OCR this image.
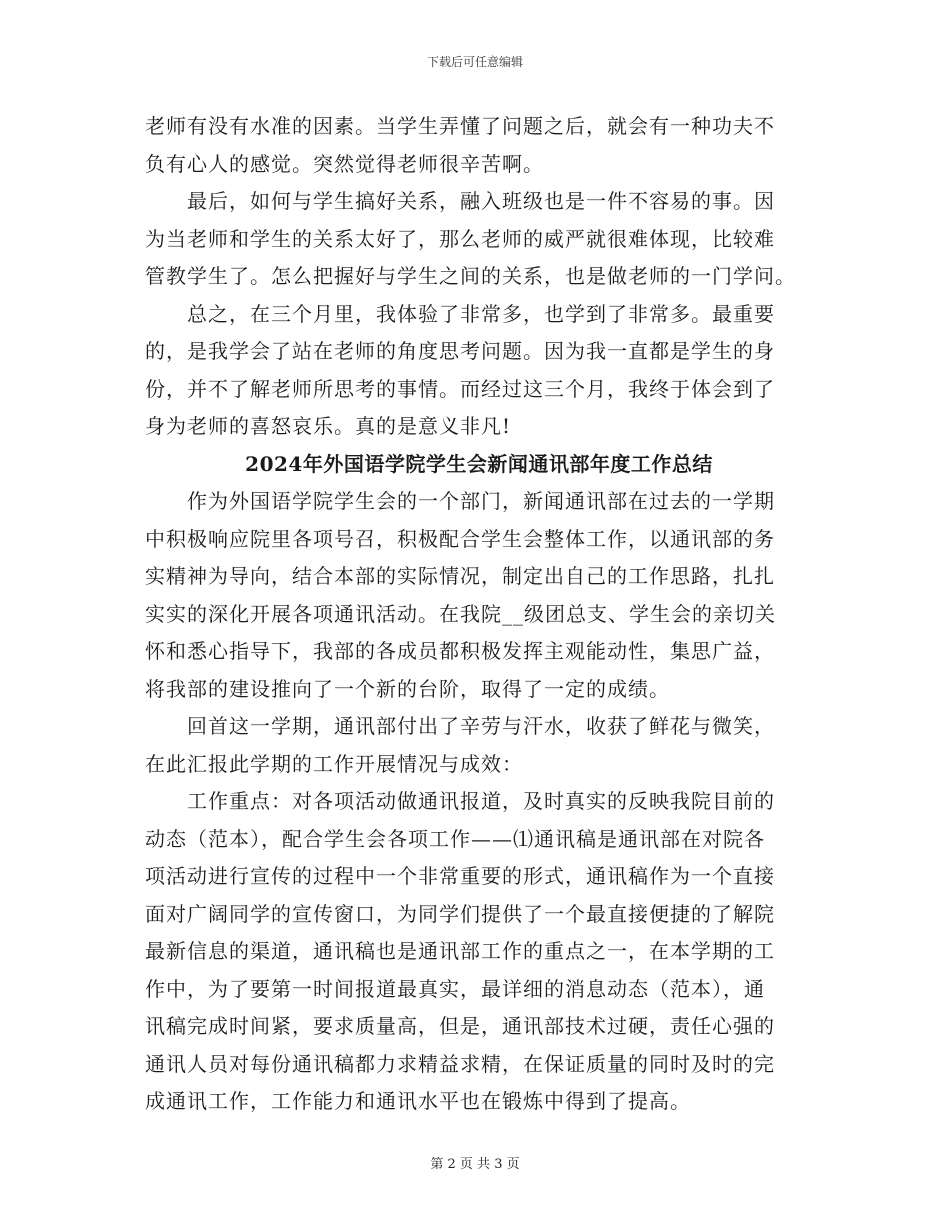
下载后可任意编辑
老师有没有水准的因素。当学生弄懂了问题之后，就会有一种功夫不
负有心人的感觉。突然觉得老师很辛苦啊。
最后，如何与学生搞好关系，融入班级也是一件不容易的事。因
为当老师和学生的关系太好了，那么老师的威严就很难体现，比较难
管教学生了。怎么把握好与学生之间的关系，也是做老师的一门学问。
总之，在三个月里，我体验了非常多，也学到了非常多。最重要
的，是我学会了站在老师的角度思考问题。因为我一直都是学生的身
份，并不了解老师所思考的事情。而经过这三个月，我终于体会到了
身为老师的喜怒哀乐。真的是意义非凡!
2024年外国语学院学生会新闻通讯部年度工作总结
作为外国语学院学生会的一个部门，新闻通讯部在过去的一学期
中积极响应院里各项号召，积极配合学生会整体工作，以通讯部的务
实精神为导向，结合本部的实际情况，制定出自己的工作思路，扎扎
实实的深化开展各项通讯活动。在我院__级团总支、学生会的亲切关
怀和悉心指导下，我部的各成员都积极发挥主观能动性，集思广益，
将我部的建设推向了一个新的台阶，取得了一定的成绩。
回首这一学期，通讯部付出了辛劳与汗水，收获了鲜花与微笑，
在此汇报此学期的工作开展情况与成效：
工作重点：对各项活动做通讯报道，及时真实的反映我院目前的
动态（范本），配合学生会各项工作——⑴通讯稿是通讯部在对院各
项活动进行宣传的过程中一个非常重要的形式，通讯稿作为一个直接
面对广阔同学的宣传窗口，为同学们提供了一个最直接便捷的了解院
最新信息的渠道，通讯稿也是通讯部工作的重点之一，在本学期的工
作中，为了要第一时间报道最真实，最详细的消息动态（范本），通
讯稿完成时间紧，要求质量高，但是，通讯部技术过硬，责任心强的
通讯人员对每份通讯稿都力求精益求精，在保证质量的同时及时的完
成通讯工作，工作能力和通讯水平也在锻炼中得到了提高。
第 2 页 共 3 页
